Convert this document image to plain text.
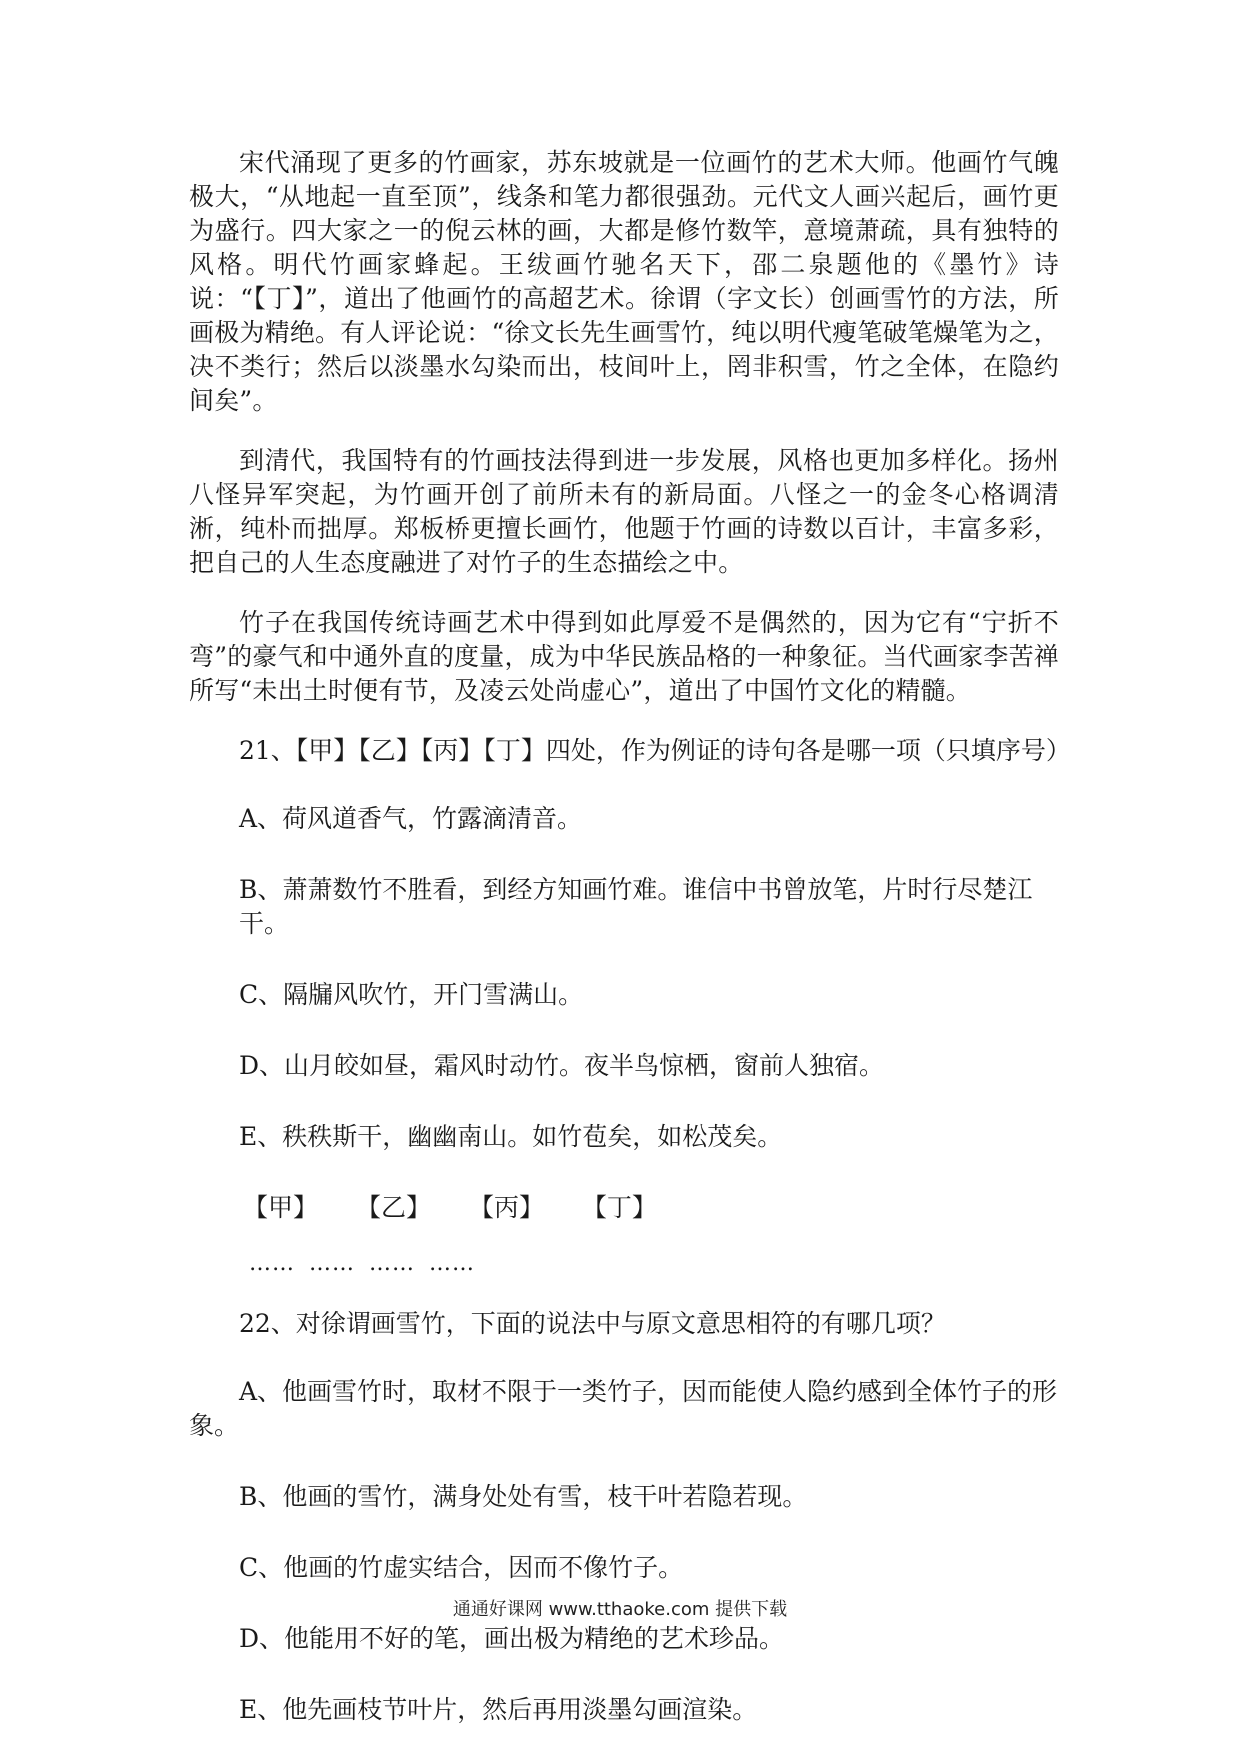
宋代涌现了更多的竹画家，苏东坡就是一位画竹的艺术大师。他画竹气魄极大，“从地起一直至顶”，线条和笔力都很强劲。元代文人画兴起后，画竹更为盛行。四大家之一的倪云林的画，大都是修竹数竿，意境萧疏，具有独特的风格。明代竹画家蜂起。王绂画竹驰名天下，邵二泉题他的《墨竹》诗说：“【丁】”，道出了他画竹的高超艺术。徐谓（字文长）创画雪竹的方法，所画极为精绝。有人评论说：“徐文长先生画雪竹，纯以明代瘦笔破笔燥笔为之，决不类行；然后以淡墨水勾染而出，枝间叶上，罔非积雪，竹之全体，在隐约间矣”。

到清代，我国特有的竹画技法得到进一步发展，风格也更加多样化。扬州八怪异军突起，为竹画开创了前所未有的新局面。八怪之一的金冬心格调清淅，纯朴而拙厚。郑板桥更擅长画竹，他题于竹画的诗数以百计，丰富多彩，把自己的人生态度融进了对竹子的生态描绘之中。

竹子在我国传统诗画艺术中得到如此厚爱不是偶然的，因为它有“宁折不弯”的豪气和中通外直的度量，成为中华民族品格的一种象征。当代画家李苦禅所写“未出土时便有节，及凌云处尚虚心”，道出了中国竹文化的精髓。

21、【甲】【乙】【丙】【丁】四处，作为例证的诗句各是哪一项（只填序号）

A、荷风道香气，竹露滴清音。

B、萧萧数竹不胜看，到经方知画竹难。谁信中书曾放笔，片时行尽楚江干。

C、隔牖风吹竹，开门雪满山。

D、山月皎如昼，霜风时动竹。夜半鸟惊栖，窗前人独宿。

E、秩秩斯干，幽幽南山。如竹苞矣，如松茂矣。

【甲】 【乙】 【丙】 【丁】
…… …… …… ……

22、对徐谓画雪竹，下面的说法中与原文意思相符的有哪几项？

A、他画雪竹时，取材不限于一类竹子，因而能使人隐约感到全体竹子的形象。

B、他画的雪竹，满身处处有雪，枝干叶若隐若现。

C、他画的竹虚实结合，因而不像竹子。

D、他能用不好的笔，画出极为精绝的艺术珍品。

E、他先画枝节叶片，然后再用淡墨勾画渲染。

通通好课网 www.tthaoke.com 提供下载
